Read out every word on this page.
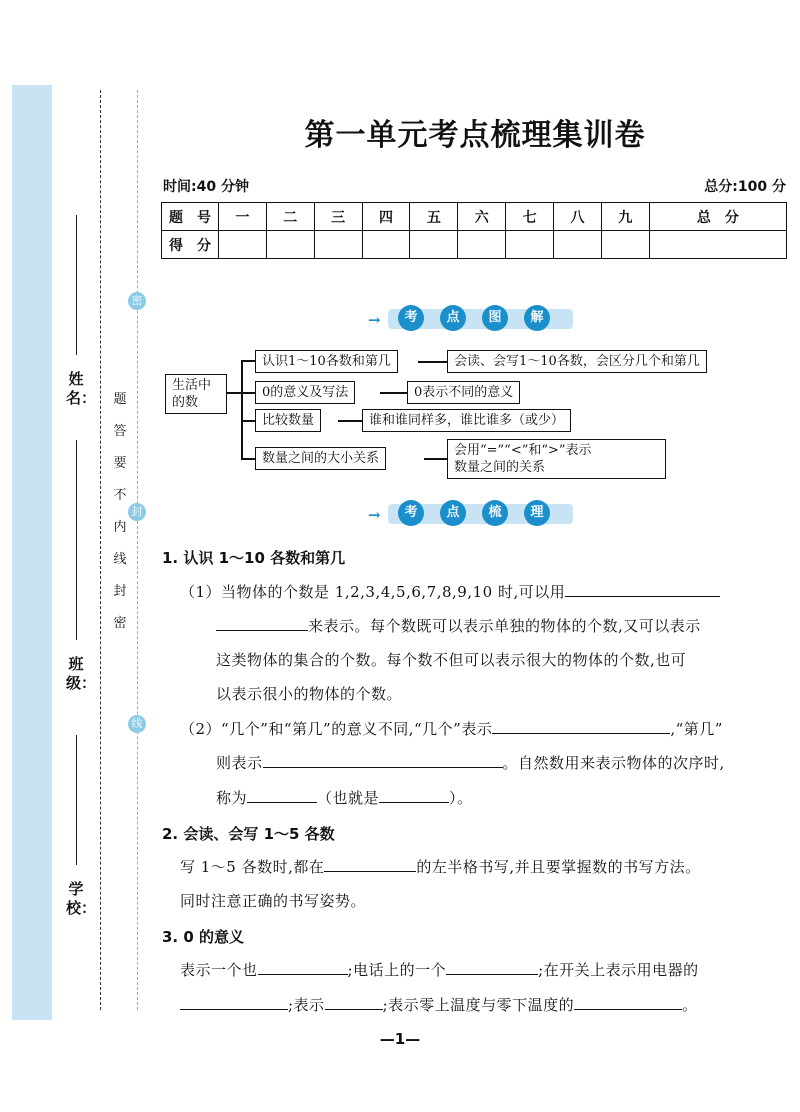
姓名：
班级：
学校：
密
封
线
题
答
要
不
内
线
封
密
第一单元考点梳理集训卷
时间:40 分钟	总分:100 分
题　号	一	二	三	四	五	六	七	八	九	总　分
得　分										
→	考	点	图	解
生活中
的数
认识1～10各数和第几	会读、会写1～10各数，会区分几个和第几
0的意义及写法	0表示不同的意义
比较数量	谁和谁同样多，谁比谁多（或少）
数量之间的大小关系
会用“=”“<”和“>”表示
数量之间的关系
→	考	点	梳	理
1. 认识 1～10 各数和第几
（1）当物体的个数是 1,2,3,4,5,6,7,8,9,10 时,可以用
来表示。每个数既可以表示单独的物体的个数,又可以表示
这类物体的集合的个数。每个数不但可以表示很大的物体的个数,也可
以表示很小的物体的个数。
（2）“几个”和“第几”的意义不同,“几个”表示	,“第几”
则表示	。自然数用来表示物体的次序时,
称为	（也就是	）。
2. 会读、会写 1～5 各数
写 1～5 各数时,都在	的左半格书写,并且要掌握数的书写方法。
同时注意正确的书写姿势。
3. 0 的意义
表示一个也	;电话上的一个	;在开关上表示用电器的
;表示	;表示零上温度与零下温度的	。
—1—
